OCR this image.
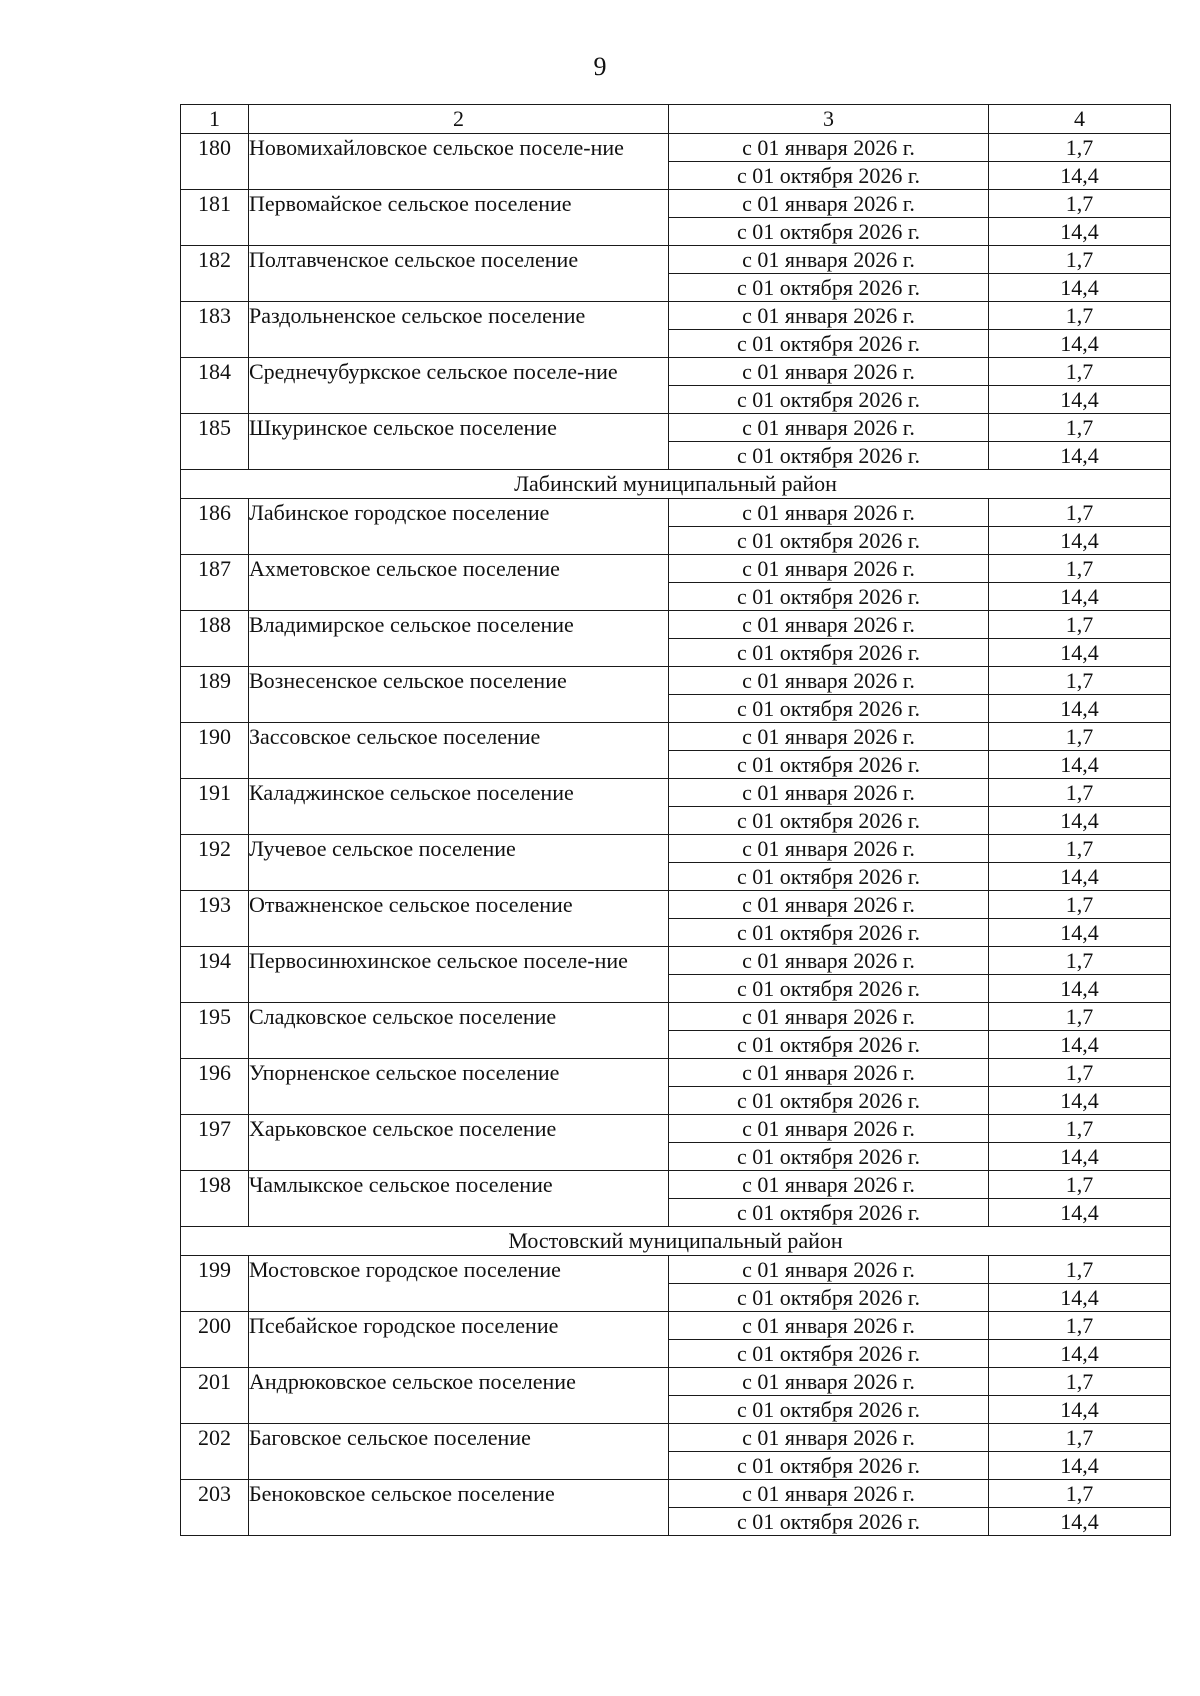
9
1	2	3	4
180	Новомихайловское сельское поселе-ние	с 01 января 2026 г.	1,7
		с 01 октября 2026 г.	14,4
181	Первомайское сельское поселение	с 01 января 2026 г.	1,7
		с 01 октября 2026 г.	14,4
182	Полтавченское сельское поселение	с 01 января 2026 г.	1,7
		с 01 октября 2026 г.	14,4
183	Раздольненское сельское поселение	с 01 января 2026 г.	1,7
		с 01 октября 2026 г.	14,4
184	Среднечубуркское сельское поселе-ние	с 01 января 2026 г.	1,7
		с 01 октября 2026 г.	14,4
185	Шкуринское сельское поселение	с 01 января 2026 г.	1,7
		с 01 октября 2026 г.	14,4
Лабинский муниципальный район			
186	Лабинское городское поселение	с 01 января 2026 г.	1,7
		с 01 октября 2026 г.	14,4
187	Ахметовское сельское поселение	с 01 января 2026 г.	1,7
		с 01 октября 2026 г.	14,4
188	Владимирское сельское поселение	с 01 января 2026 г.	1,7
		с 01 октября 2026 г.	14,4
189	Вознесенское сельское поселение	с 01 января 2026 г.	1,7
		с 01 октября 2026 г.	14,4
190	Зассовское сельское поселение	с 01 января 2026 г.	1,7
		с 01 октября 2026 г.	14,4
191	Каладжинское сельское поселение	с 01 января 2026 г.	1,7
		с 01 октября 2026 г.	14,4
192	Лучевое сельское поселение	с 01 января 2026 г.	1,7
		с 01 октября 2026 г.	14,4
193	Отважненское сельское поселение	с 01 января 2026 г.	1,7
		с 01 октября 2026 г.	14,4
194	Первосинюхинское сельское поселе-ние	с 01 января 2026 г.	1,7
		с 01 октября 2026 г.	14,4
195	Сладковское сельское поселение	с 01 января 2026 г.	1,7
		с 01 октября 2026 г.	14,4
196	Упорненское сельское поселение	с 01 января 2026 г.	1,7
		с 01 октября 2026 г.	14,4
197	Харьковское сельское поселение	с 01 января 2026 г.	1,7
		с 01 октября 2026 г.	14,4
198	Чамлыкское сельское поселение	с 01 января 2026 г.	1,7
		с 01 октября 2026 г.	14,4
Мостовский муниципальный район			
199	Мостовское городское поселение	с 01 января 2026 г.	1,7
		с 01 октября 2026 г.	14,4
200	Псебайское городское поселение	с 01 января 2026 г.	1,7
		с 01 октября 2026 г.	14,4
201	Андрюковское сельское поселение	с 01 января 2026 г.	1,7
		с 01 октября 2026 г.	14,4
202	Баговское сельское поселение	с 01 января 2026 г.	1,7
		с 01 октября 2026 г.	14,4
203	Беноковское сельское поселение	с 01 января 2026 г.	1,7
		с 01 октября 2026 г.	14,4
